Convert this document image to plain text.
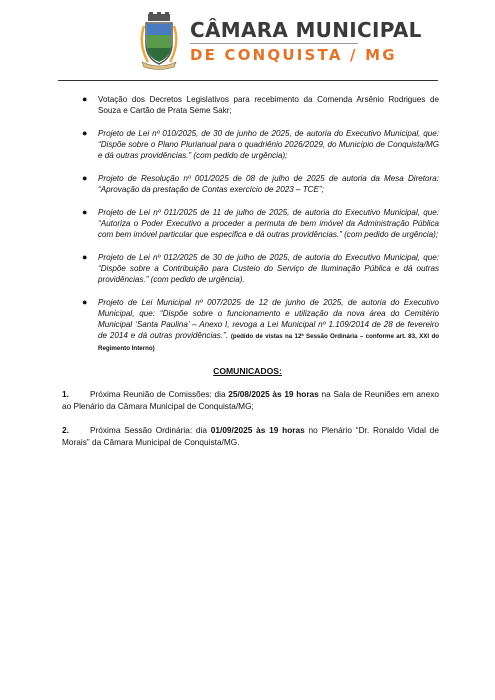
CÂMARA MUNICIPAL
DE CONQUISTA / MG
● Votação dos Decretos Legislativos para recebimento da Comenda Arsênio Rodrigues de Souza e Cartão de Prata Seme Sakr;
● Projeto de Lei nº 010/2025, de 30 de junho de 2025, de autoria do Executivo Municipal, que: “Dispõe sobre o Plano Plurianual para o quadriênio 2026/2029, do Município de Conquista/MG e dá outras providências.” (com pedido de urgência);
● Projeto de Resolução nº 001/2025 de 08 de julho de 2025 de autoria da Mesa Diretora: “Aprovação da prestação de Contas exercício de 2023 – TCE”;
● Projeto de Lei nº 011/2025 de 11 de julho de 2025, de autoria do Executivo Municipal, que: “Autoriza o Poder Executivo a proceder a permuta de bem imóvel da Administração Pública com bem imóvel particular que especifica e dá outras providências.” (com pedido de urgência);
● Projeto de Lei nº 012/2025 de 30 de julho de 2025, de autoria do Executivo Municipal, que: “Dispõe sobre a Contribuição para Custeio do Serviço de Iluminação Pública e dá outras providências.” (com pedido de urgência).
● Projeto de Lei Municipal nº 007/2025 de 12 de junho de 2025, de autoria do Executivo Municipal, que: “Dispõe sobre o funcionamento e utilização da nova área do Cemitério Municipal ‘Santa Paulina’ – Anexo I, revoga a Lei Municipal nº 1.109/2014 de 28 de fevereiro de 2014 e dá outras providências.”. (pedido de vistas na 12ª Sessão Ordinária – conforme art. 83, XXI do Regimento Interno)
COMUNICADOS:

1.	Próxima Reunião de Comissões: dia 25/08/2025 às 19 horas na Sala de Reuniões em anexo ao Plenário da Câmara Municipal de Conquista/MG;

2.	Próxima Sessão Ordinária: dia 01/09/2025 às 19 horas no Plenário “Dr. Ronaldo Vidal de Morais” da Câmara Municipal de Conquista/MG.
